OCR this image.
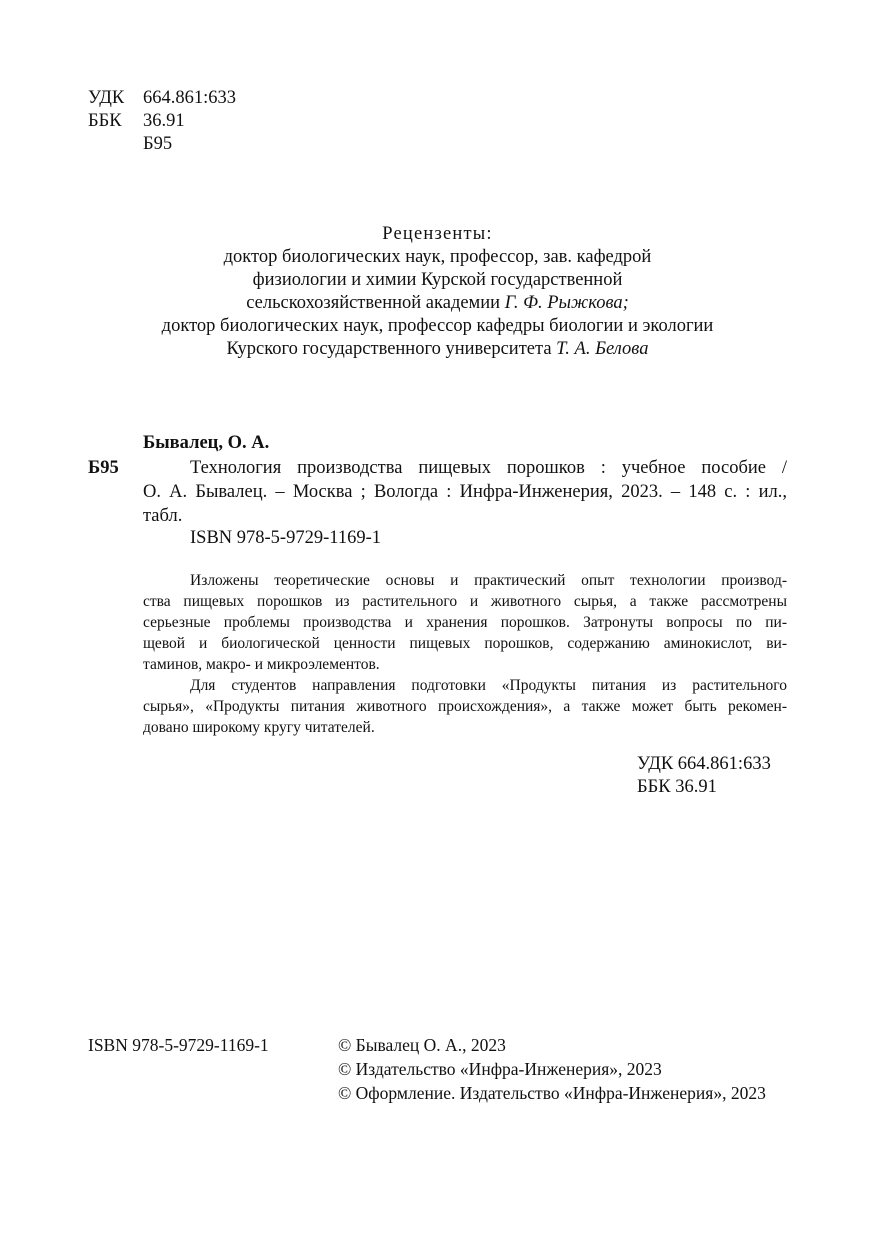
УДК 664.861:633
ББК 36.91
Б95
Рецензенты:
доктор биологических наук, профессор, зав. кафедрой
физиологии и химии Курской государственной
сельскохозяйственной академии Г. Ф. Рыжкова;
доктор биологических наук, профессор кафедры биологии и экологии
Курского государственного университета Т. А. Белова
Бывалец, О. А.
Б95	Технология производства пищевых порошков : учебное пособие /
О. А. Бывалец. – Москва ; Вологда : Инфра-Инженерия, 2023. – 148 с. : ил.,
табл.
ISBN 978-5-9729-1169-1
Изложены теоретические основы и практический опыт технологии производ-
ства пищевых порошков из растительного и животного сырья, а также рассмотрены
серьезные проблемы производства и хранения порошков. Затронуты вопросы по пи-
щевой и биологической ценности пищевых порошков, содержанию аминокислот, ви-
таминов, макро- и микроэлементов.
Для студентов направления подготовки «Продукты питания из растительного
сырья», «Продукты питания животного происхождения», а также может быть рекомен-
довано широкому кругу читателей.
УДК 664.861:633
ББК 36.91
ISBN 978-5-9729-1169-1	© Бывалец О. А., 2023
© Издательство «Инфра-Инженерия», 2023
© Оформление. Издательство «Инфра-Инженерия», 2023
